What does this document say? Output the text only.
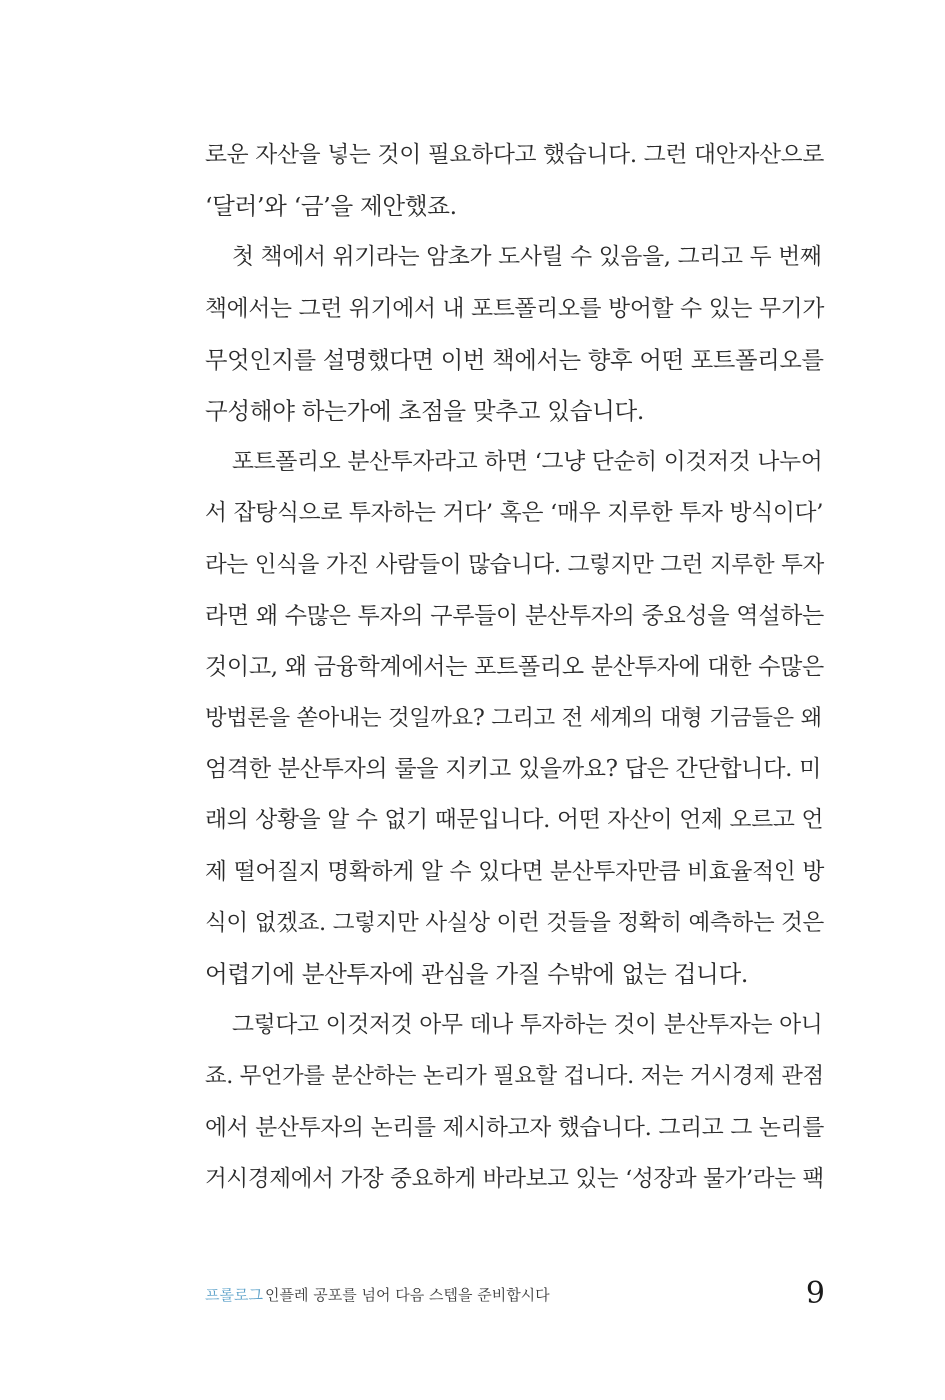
로운 자산을 넣는 것이 필요하다고 했습니다. 그런 대안자산으로
‘달러’와 ‘금’을 제안했죠.
첫 책에서 위기라는 암초가 도사릴 수 있음을, 그리고 두 번째
책에서는 그런 위기에서 내 포트폴리오를 방어할 수 있는 무기가
무엇인지를 설명했다면 이번 책에서는 향후 어떤 포트폴리오를
구성해야 하는가에 초점을 맞추고 있습니다.
포트폴리오 분산투자라고 하면 ‘그냥 단순히 이것저것 나누어
서 잡탕식으로 투자하는 거다’ 혹은 ‘매우 지루한 투자 방식이다’
라는 인식을 가진 사람들이 많습니다. 그렇지만 그런 지루한 투자
라면 왜 수많은 투자의 구루들이 분산투자의 중요성을 역설하는
것이고, 왜 금융학계에서는 포트폴리오 분산투자에 대한 수많은
방법론을 쏟아내는 것일까요? 그리고 전 세계의 대형 기금들은 왜
엄격한 분산투자의 룰을 지키고 있을까요? 답은 간단합니다. 미
래의 상황을 알 수 없기 때문입니다. 어떤 자산이 언제 오르고 언
제 떨어질지 명확하게 알 수 있다면 분산투자만큼 비효율적인 방
식이 없겠죠. 그렇지만 사실상 이런 것들을 정확히 예측하는 것은
어렵기에 분산투자에 관심을 가질 수밖에 없는 겁니다.
그렇다고 이것저것 아무 데나 투자하는 것이 분산투자는 아니
죠. 무언가를 분산하는 논리가 필요할 겁니다. 저는 거시경제 관점
에서 분산투자의 논리를 제시하고자 했습니다. 그리고 그 논리를
거시경제에서 가장 중요하게 바라보고 있는 ‘성장과 물가’라는 팩
프롤로그 인플레 공포를 넘어 다음 스텝을 준비합시다	9
